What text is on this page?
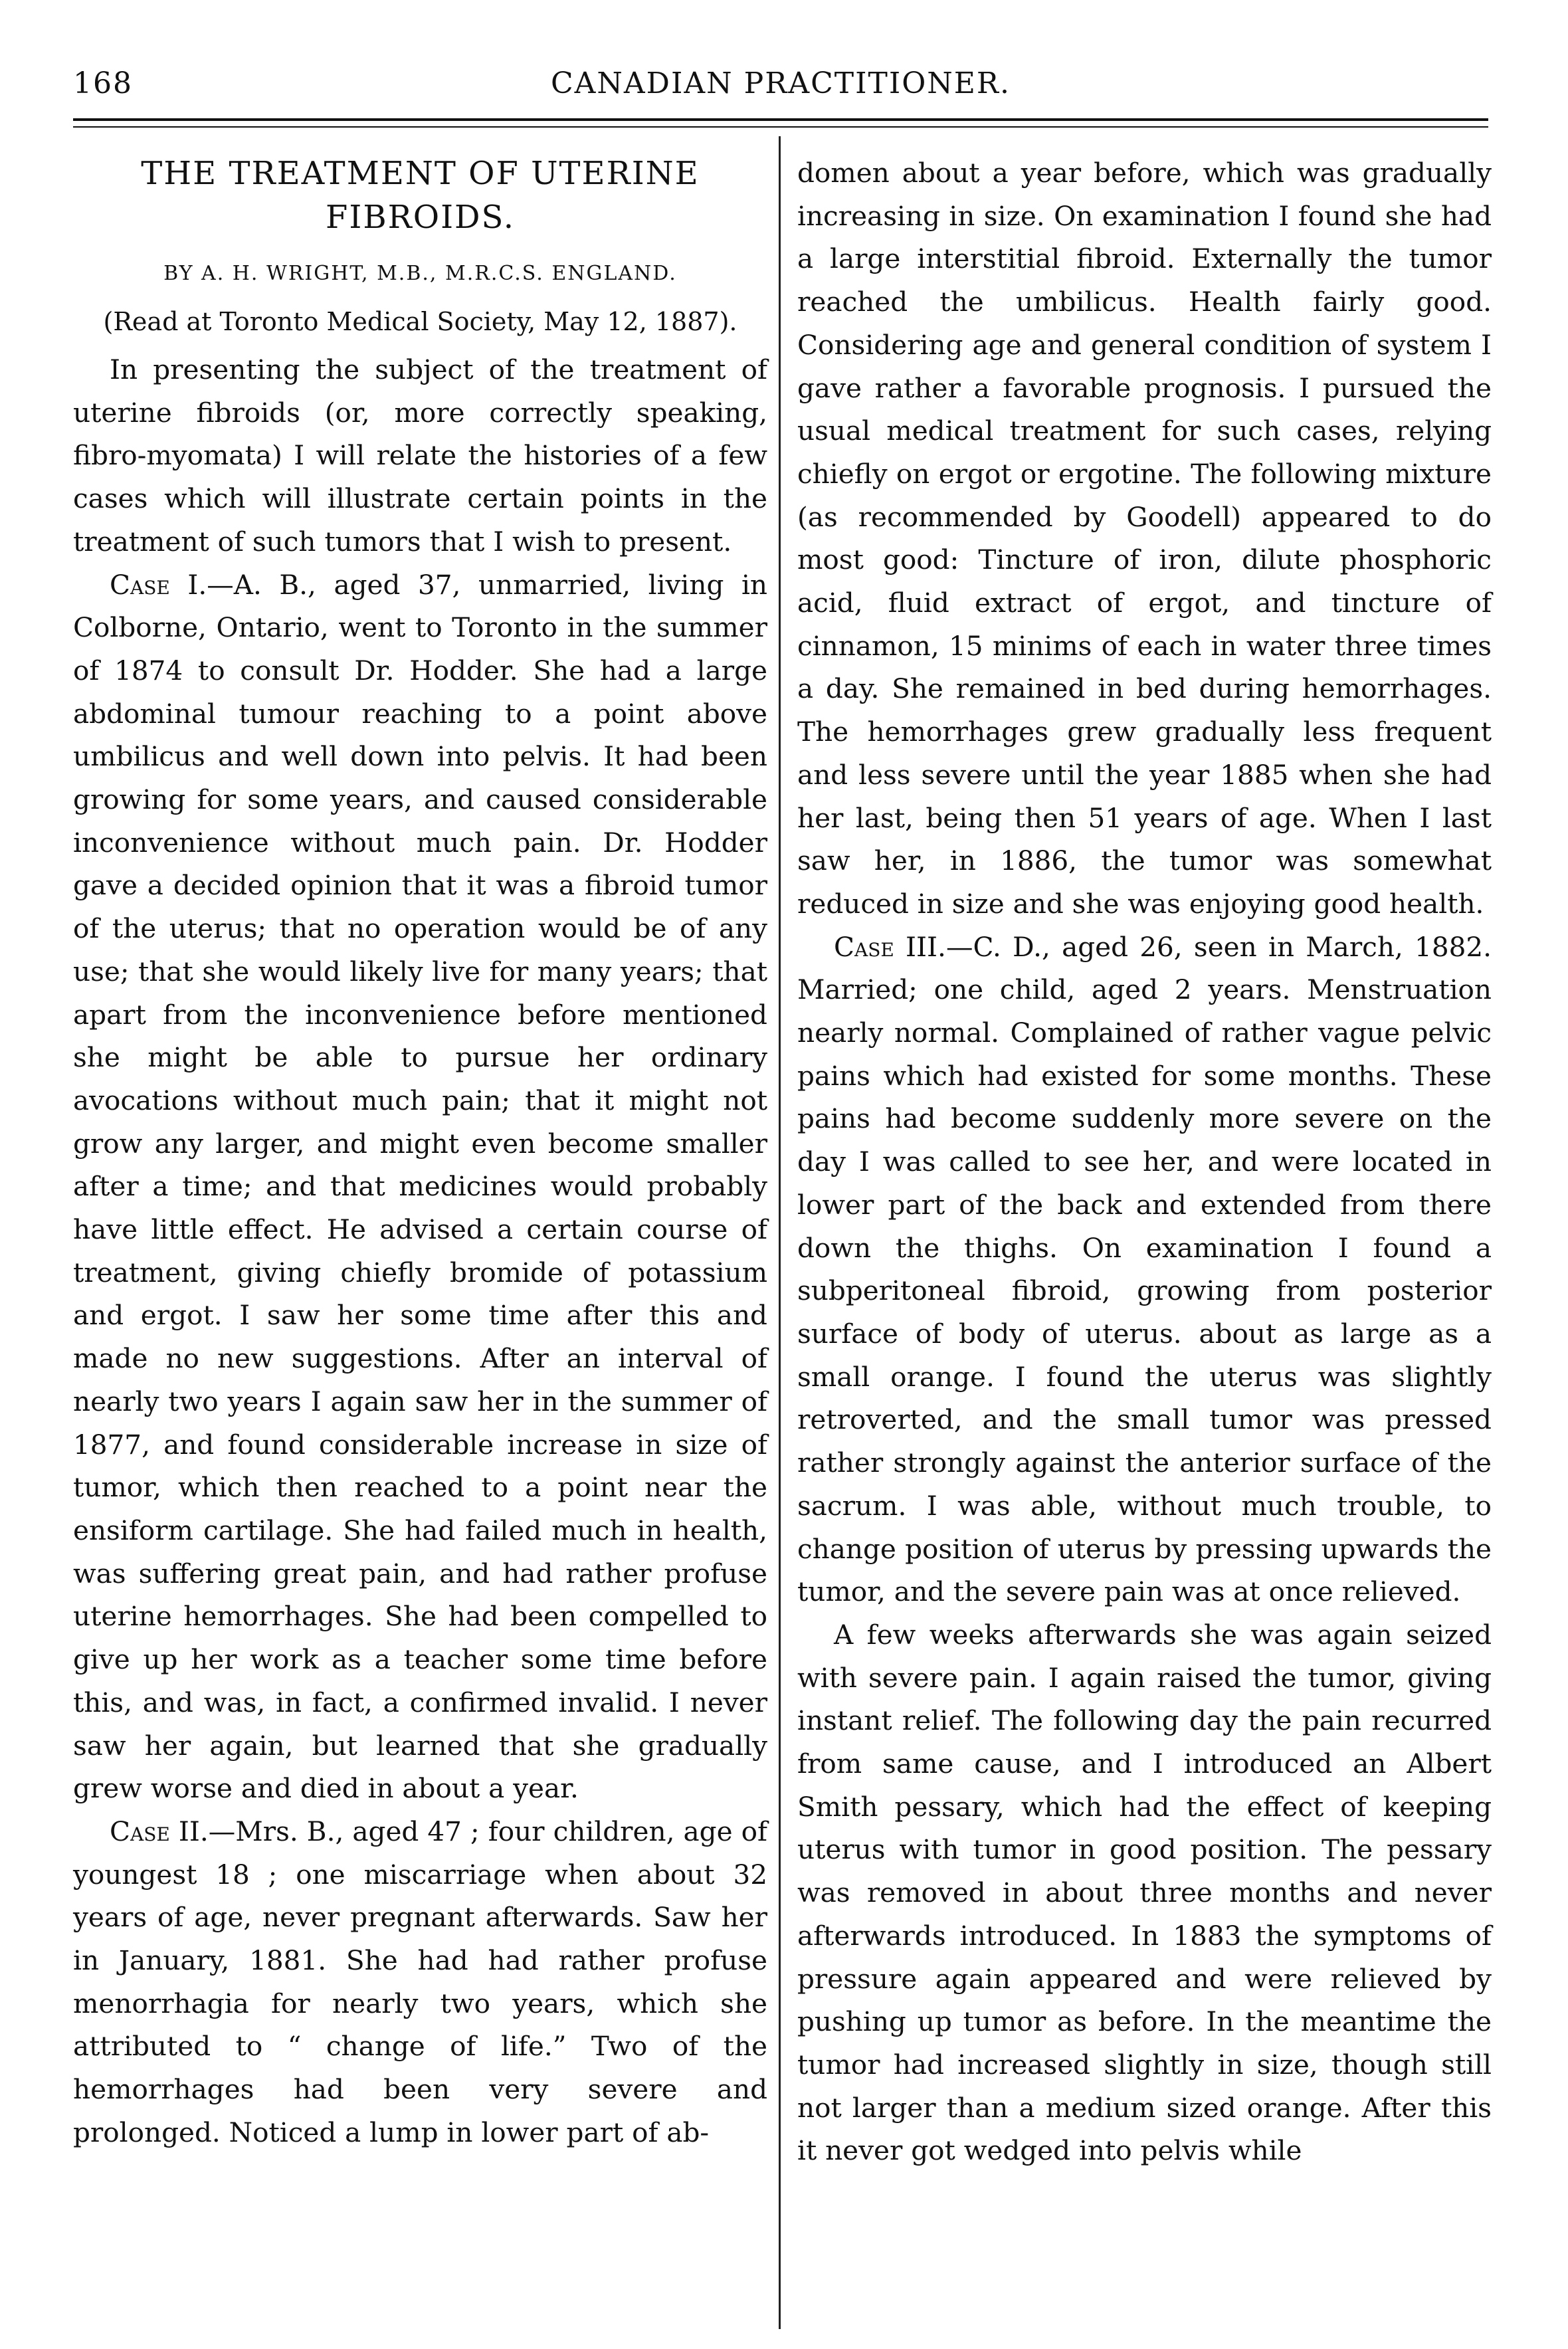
168	CANADIAN PRACTITIONER.
THE TREATMENT OF UTERINE FIBROIDS.
BY A. H. WRIGHT, M.B., M.R.C.S. ENGLAND.
(Read at Toronto Medical Society, May 12, 1887).

In presenting the subject of the treatment of uterine fibroids (or, more correctly speaking, fibro-myomata) I will relate the histories of a few cases which will illustrate certain points in the treatment of such tumors that I wish to present.

Case I.—A. B., aged 37, unmarried, living in Colborne, Ontario, went to Toronto in the summer of 1874 to consult Dr. Hodder. She had a large abdominal tumour reaching to a point above umbilicus and well down into pelvis. It had been growing for some years, and caused considerable inconvenience without much pain. Dr. Hodder gave a decided opinion that it was a fibroid tumor of the uterus; that no operation would be of any use; that she would likely live for many years; that apart from the inconvenience before mentioned she might be able to pursue her ordinary avocations without much pain; that it might not grow any larger, and might even become smaller after a time; and that medicines would probably have little effect. He advised a certain course of treatment, giving chiefly bromide of potassium and ergot. I saw her some time after this and made no new suggestions. After an interval of nearly two years I again saw her in the summer of 1877, and found considerable increase in size of tumor, which then reached to a point near the ensiform cartilage. She had failed much in health, was suffering great pain, and had rather profuse uterine hemorrhages. She had been compelled to give up her work as a teacher some time before this, and was, in fact, a confirmed invalid. I never saw her again, but learned that she gradually grew worse and died in about a year.

Case II.—Mrs. B., aged 47 ; four children, age of youngest 18 ; one miscarriage when about 32 years of age, never pregnant afterwards. Saw her in January, 1881. She had had rather profuse menorrhagia for nearly two years, which she attributed to “ change of life.” Two of the hemorrhages had been very severe and prolonged. Noticed a lump in lower part of ab-

domen about a year before, which was gradually increasing in size. On examination I found she had a large interstitial fibroid. Externally the tumor reached the umbilicus. Health fairly good. Considering age and general condition of system I gave rather a favorable prognosis. I pursued the usual medical treatment for such cases, relying chiefly on ergot or ergotine. The following mixture (as recommended by Goodell) appeared to do most good: Tincture of iron, dilute phosphoric acid, fluid extract of ergot, and tincture of cinnamon, 15 minims of each in water three times a day. She remained in bed during hemorrhages. The hemorrhages grew gradually less frequent and less severe until the year 1885 when she had her last, being then 51 years of age. When I last saw her, in 1886, the tumor was somewhat reduced in size and she was enjoying good health.

Case III.—C. D., aged 26, seen in March, 1882. Married; one child, aged 2 years. Menstruation nearly normal. Complained of rather vague pelvic pains which had existed for some months. These pains had become suddenly more severe on the day I was called to see her, and were located in lower part of the back and extended from there down the thighs. On examination I found a subperitoneal fibroid, growing from posterior surface of body of uterus. about as large as a small orange. I found the uterus was slightly retroverted, and the small tumor was pressed rather strongly against the anterior surface of the sacrum. I was able, without much trouble, to change position of uterus by pressing upwards the tumor, and the severe pain was at once relieved.

A few weeks afterwards she was again seized with severe pain. I again raised the tumor, giving instant relief. The following day the pain recurred from same cause, and I introduced an Albert Smith pessary, which had the effect of keeping uterus with tumor in good position. The pessary was removed in about three months and never afterwards introduced. In 1883 the symptoms of pressure again appeared and were relieved by pushing up tumor as before. In the meantime the tumor had increased slightly in size, though still not larger than a medium sized orange. After this it never got wedged into pelvis while
